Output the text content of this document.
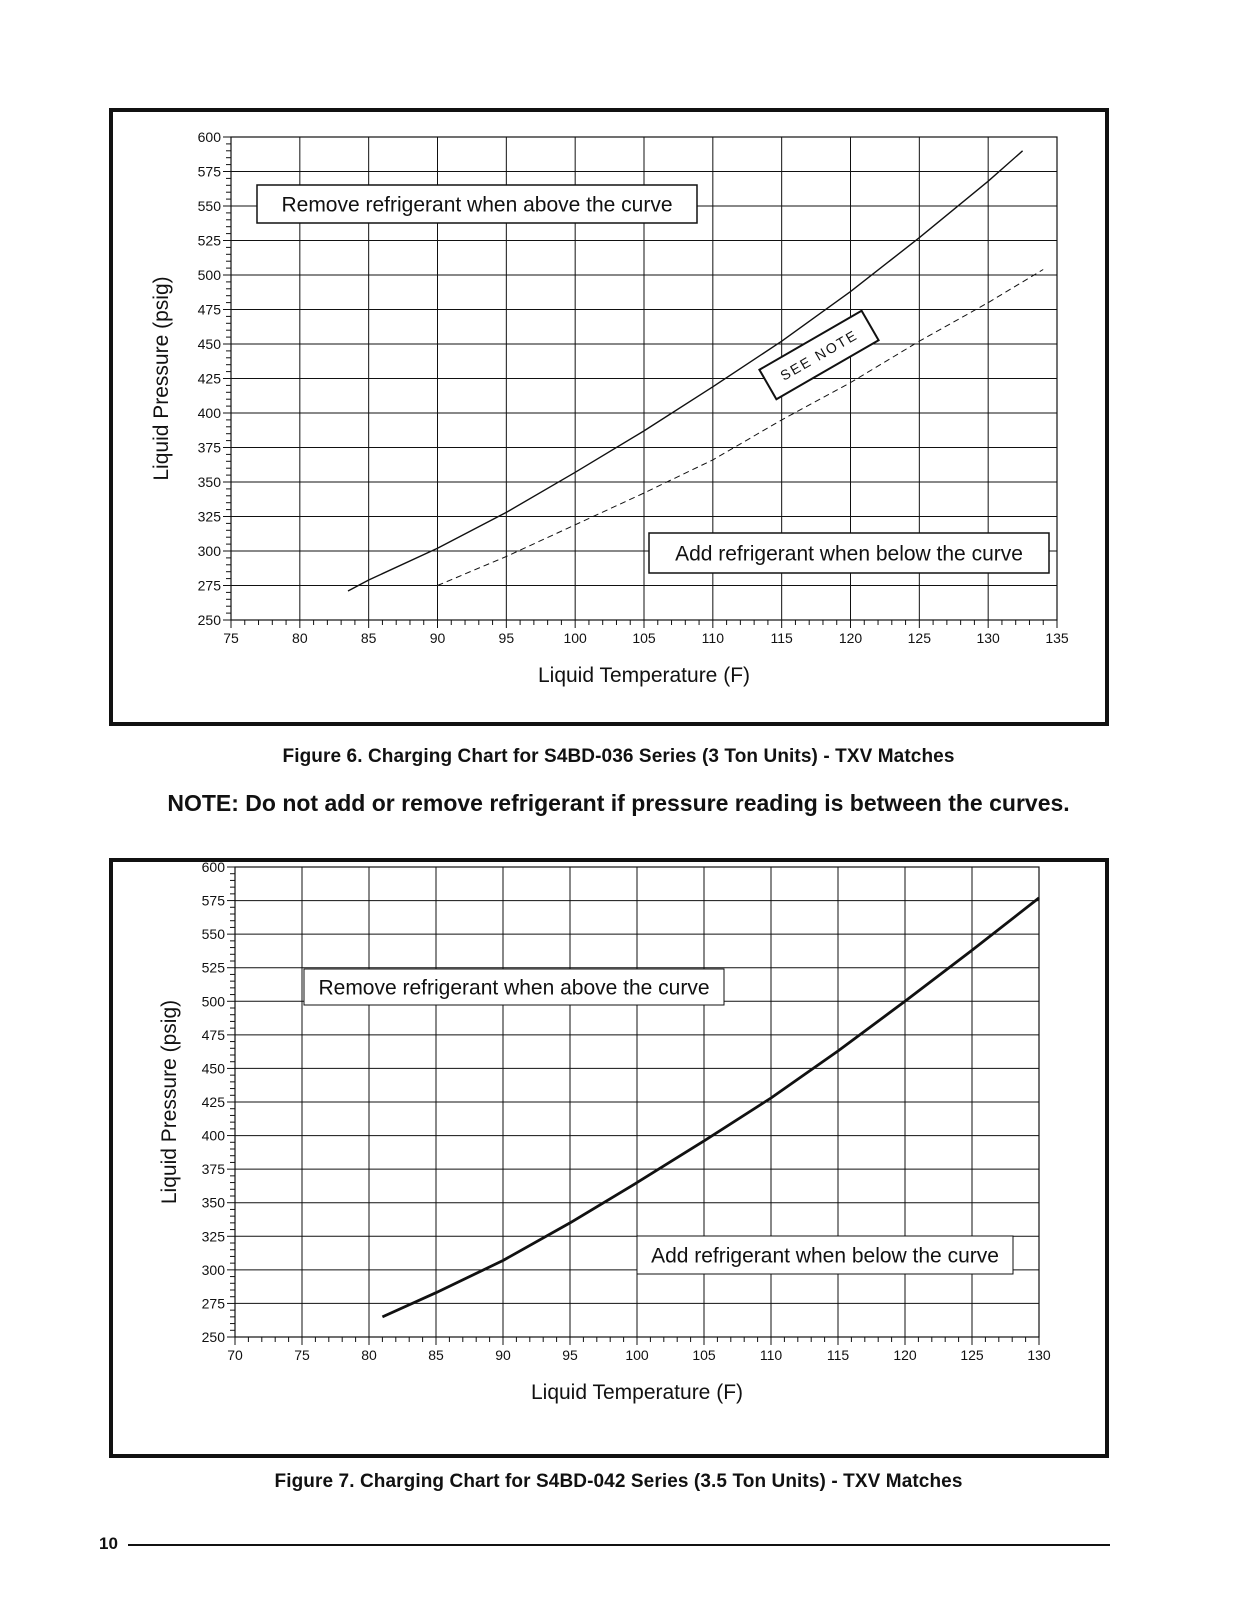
75	80	85	90	95	100	105	110	115	120	125	130	135
250
275
300
325
350
375
400
425
450
475
500
525
550
575
600
Liquid Temperature (F)
Liquid Pressure (psig)
Remove refrigerant when above the curve
Add refrigerant when below the curve
SEE NOTE
Figure 6. Charging Chart for S4BD-036 Series (3 Ton Units) - TXV Matches
NOTE: Do not add or remove refrigerant if pressure reading is between the curves.
70	75	80	85	90	95	100	105	110	115	120	125	130
250
275
300
325
350
375
400
425
450
475
500
525
550
575
600
Liquid Temperature (F)
Liquid Pressure (psig)
Remove refrigerant when above the curve
Add refrigerant when below the curve
Figure 7. Charging Chart for S4BD-042 Series (3.5 Ton Units) - TXV Matches
10
